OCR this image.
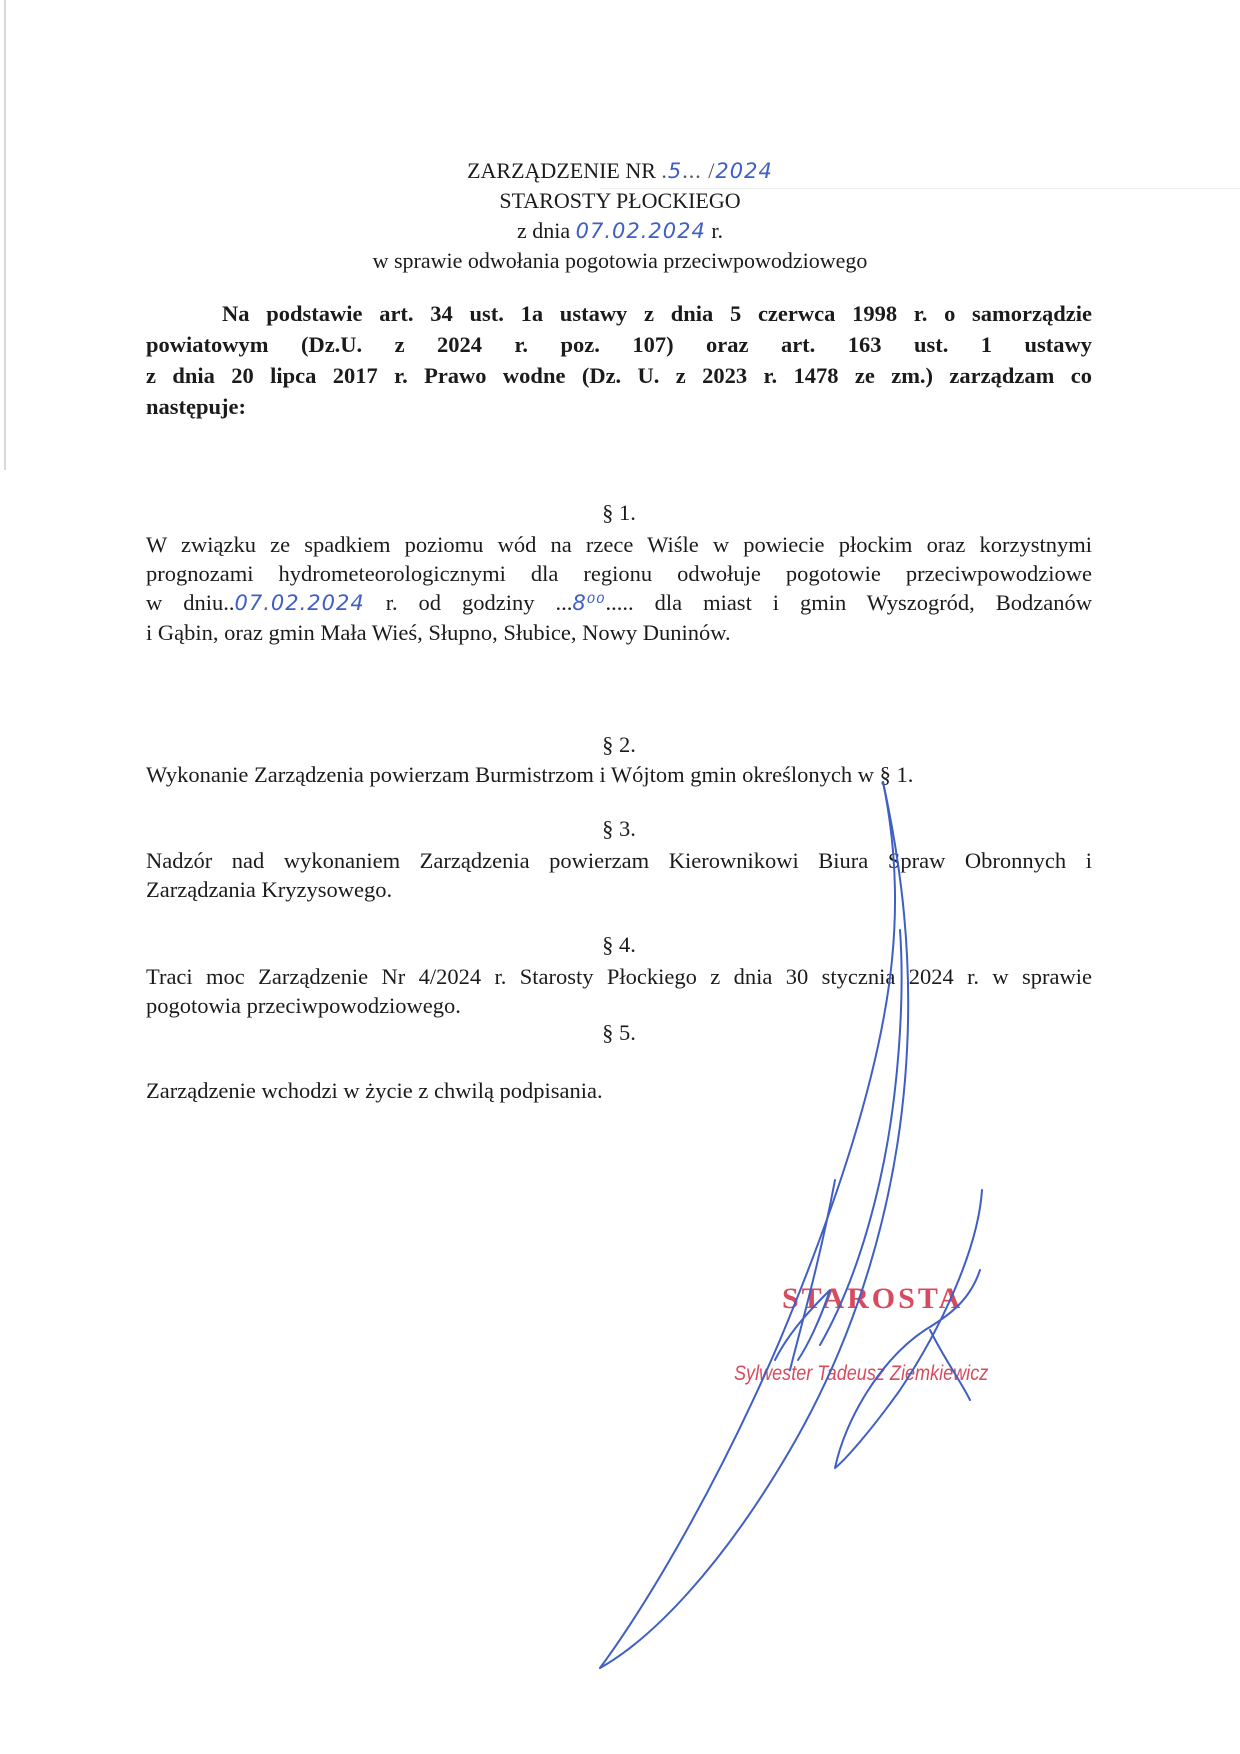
ZARZĄDZENIE NR .5... /2024
STAROSTY PŁOCKIEGO
z dnia 07.02.2024 r.
w sprawie odwołania pogotowia przeciwpowodziowego
Na podstawie art. 34 ust. 1a ustawy z dnia 5 czerwca 1998 r. o samorządzie
powiatowym (Dz.U. z 2024 r. poz. 107) oraz art. 163 ust. 1 ustawy
z dnia 20 lipca 2017 r. Prawo wodne (Dz. U. z 2023 r. 1478 ze zm.) zarządzam co
następuje:
§ 1.
W związku ze spadkiem poziomu wód na rzece Wiśle w powiecie płockim oraz korzystnymi
prognozami hydrometeorologicznymi dla regionu odwołuje pogotowie przeciwpowodziowe
w dniu..07.02.2024 r. od godziny ...8⁰⁰..... dla miast i gmin Wyszogród, Bodzanów
i Gąbin, oraz gmin Mała Wieś, Słupno, Słubice, Nowy Duninów.
§ 2.
Wykonanie Zarządzenia powierzam Burmistrzom i Wójtom gmin określonych w § 1.
§ 3.
Nadzór nad wykonaniem Zarządzenia powierzam Kierownikowi Biura Spraw Obronnych i
Zarządzania Kryzysowego.
§ 4.
Traci moc Zarządzenie Nr 4/2024 r. Starosty Płockiego z dnia 30 stycznia 2024 r. w sprawie
pogotowia przeciwpowodziowego.
§ 5.
Zarządzenie wchodzi w życie z chwilą podpisania.
STAROSTA
Sylwester Tadeusz Ziemkiewicz
